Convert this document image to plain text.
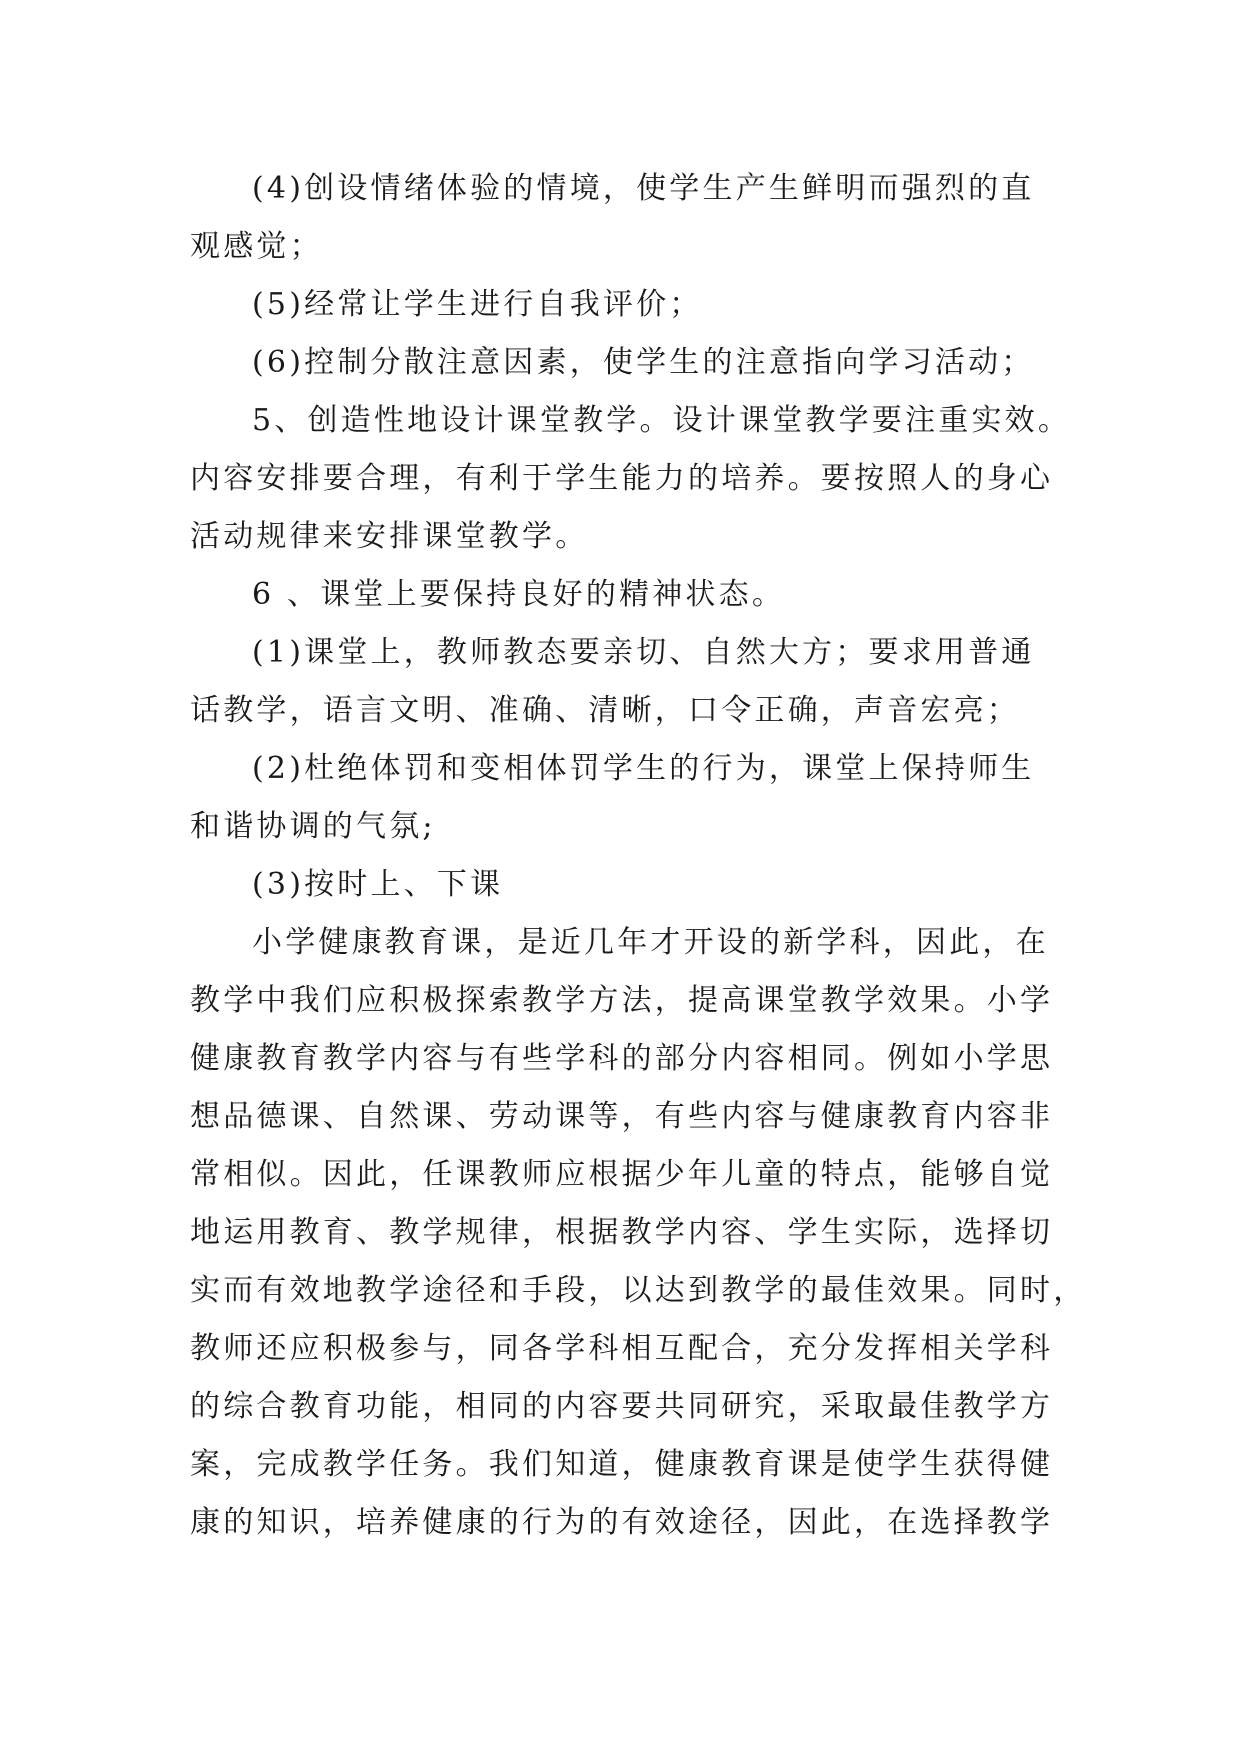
(4)创设情绪体验的情境，使学生产生鲜明而强烈的直
观感觉；
(5)经常让学生进行自我评价；
(6)控制分散注意因素，使学生的注意指向学习活动；
5、创造性地设计课堂教学。设计课堂教学要注重实效。
内容安排要合理，有利于学生能力的培养。要按照人的身心
活动规律来安排课堂教学。
6 、课堂上要保持良好的精神状态。
(1)课堂上，教师教态要亲切、自然大方；要求用普通
话教学，语言文明、准确、清晰，口令正确，声音宏亮；
(2)杜绝体罚和变相体罚学生的行为，课堂上保持师生
和谐协调的气氛;
(3)按时上、下课
小学健康教育课，是近几年才开设的新学科，因此，在
教学中我们应积极探索教学方法，提高课堂教学效果。小学
健康教育教学内容与有些学科的部分内容相同。例如小学思
想品德课、自然课、劳动课等，有些内容与健康教育内容非
常相似。因此，任课教师应根据少年儿童的特点，能够自觉
地运用教育、教学规律，根据教学内容、学生实际，选择切
实而有效地教学途径和手段，以达到教学的最佳效果。同时，
教师还应积极参与，同各学科相互配合，充分发挥相关学科
的综合教育功能，相同的内容要共同研究，采取最佳教学方
案，完成教学任务。我们知道，健康教育课是使学生获得健
康的知识，培养健康的行为的有效途径，因此，在选择教学
